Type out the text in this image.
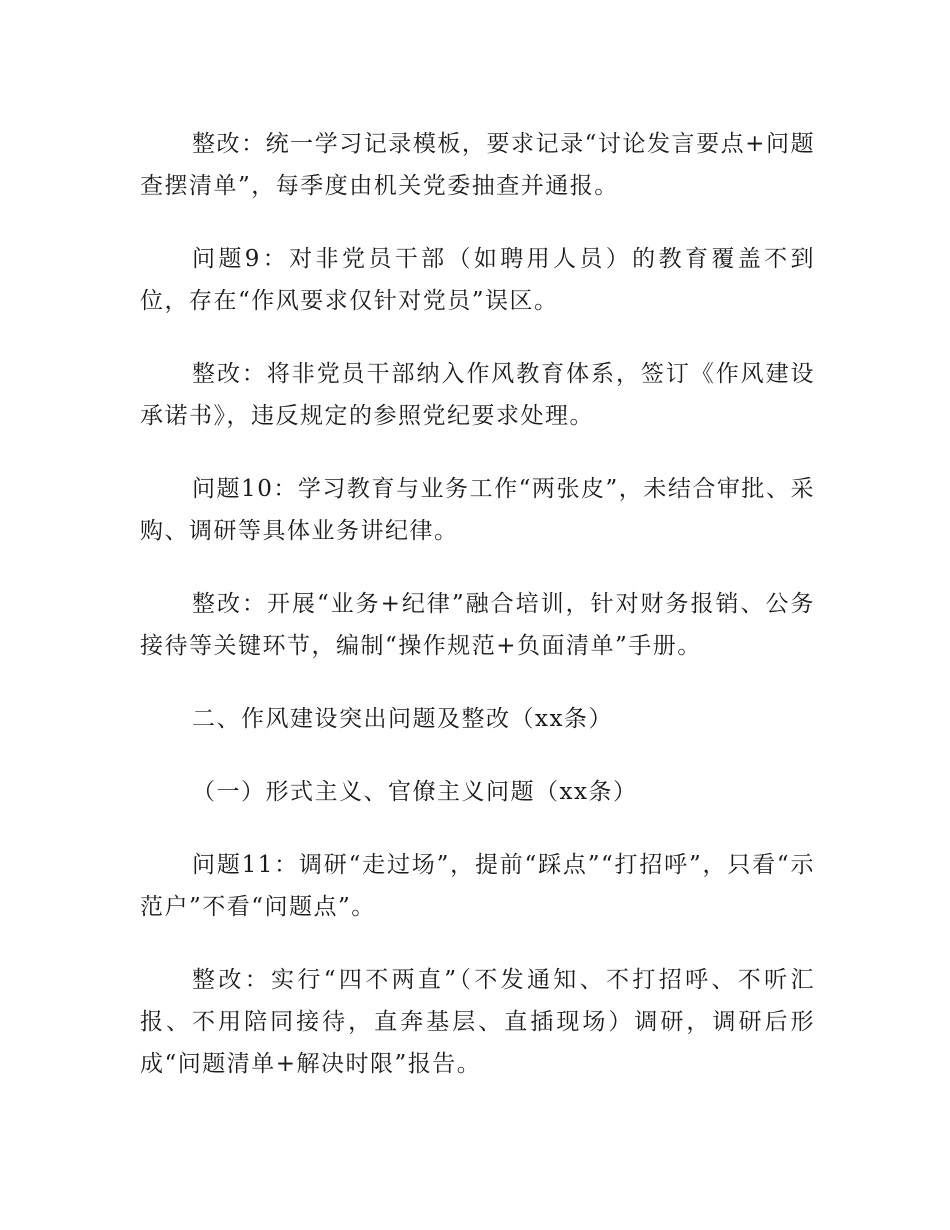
整改：统一学习记录模板，要求记录“讨论发言要点+问题查摆清单”，每季度由机关党委抽查并通报。

问题9：对非党员干部（如聘用人员）的教育覆盖不到位，存在“作风要求仅针对党员”误区。

整改：将非党员干部纳入作风教育体系，签订《作风建设承诺书》，违反规定的参照党纪要求处理。

问题10：学习教育与业务工作“两张皮”，未结合审批、采购、调研等具体业务讲纪律。

整改：开展“业务+纪律”融合培训，针对财务报销、公务接待等关键环节，编制“操作规范+负面清单”手册。

二、作风建设突出问题及整改（xx条）

（一）形式主义、官僚主义问题（xx条）

问题11：调研“走过场”，提前“踩点”“打招呼”，只看“示范户”不看“问题点”。

整改：实行“四不两直”（不发通知、不打招呼、不听汇报、不用陪同接待，直奔基层、直插现场）调研，调研后形成“问题清单+解决时限”报告。
